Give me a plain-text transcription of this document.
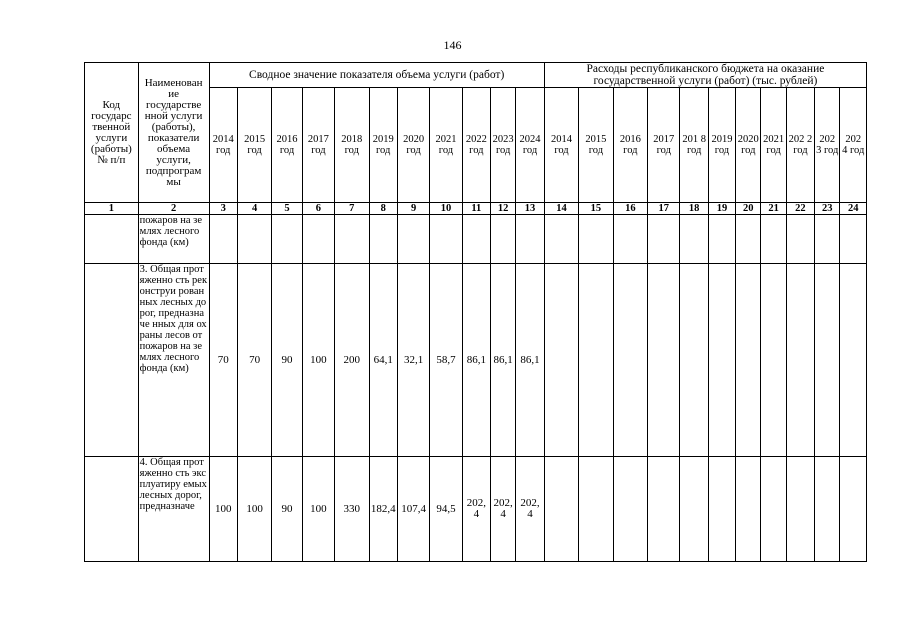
146
Код государс твенной услуги (работы) № п/п	Наименован ие государстве нной услуги (работы), показатели объема услуги, подпрограм мы	Сводное значение показателя объема услуги (работ)											Расходы республиканского бюджета на оказание государственной услуги (работ) (тыс. рублей)										
		2014 год	2015 год	2016 год	2017 год	2018 год	2019 год	2020 год	2021 год	2022 год	2023 год	2024 год	2014 год	2015 год	2016 год	2017 год	201 8 год	2019 год	2020 год	2021 год	202 2 год	202 3 год	202 4 год
1	2	3	4	5	6	7	8	9	10	11	12	13	14	15	16	17	18	19	20	21	22	23	24
	пожаров на землях лесного фонда (км)																						
	3. Общая протяженно сть реконструи рованных лесных дорог, предназначе нных для охраны лесов от пожаров на землях лесного фонда (км)	70	70	90	100	200	64,1	32,1	58,7	86,1	86,1	86,1											
	4. Общая протяженно сть эксплуатиру емых лесных дорог, предназначе	100	100	90	100	330	182,4	107,4	94,5	202, 4	202, 4	202, 4											
